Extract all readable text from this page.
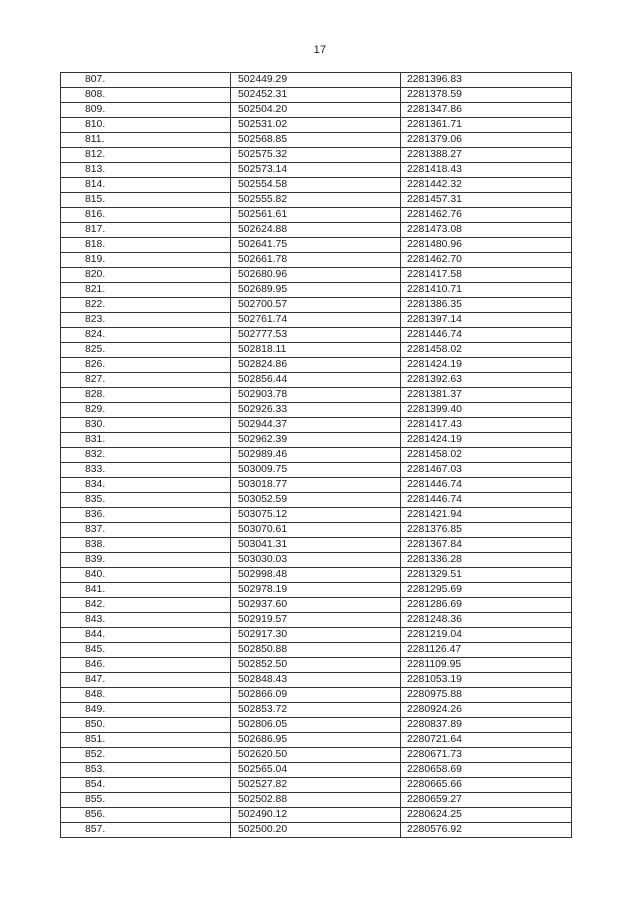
17
807.	502449.29	2281396.83
808.	502452.31	2281378.59
809.	502504.20	2281347.86
810.	502531.02	2281361.71
811.	502568.85	2281379.06
812.	502575.32	2281388.27
813.	502573.14	2281418.43
814.	502554.58	2281442.32
815.	502555.82	2281457.31
816.	502561.61	2281462.76
817.	502624.88	2281473.08
818.	502641.75	2281480.96
819.	502661.78	2281462.70
820.	502680.96	2281417.58
821.	502689.95	2281410.71
822.	502700.57	2281386.35
823.	502761.74	2281397.14
824.	502777.53	2281446.74
825.	502818.11	2281458.02
826.	502824.86	2281424.19
827.	502856.44	2281392.63
828.	502903.78	2281381.37
829.	502926.33	2281399.40
830.	502944.37	2281417.43
831.	502962.39	2281424.19
832.	502989.46	2281458.02
833.	503009.75	2281467.03
834.	503018.77	2281446.74
835.	503052.59	2281446.74
836.	503075.12	2281421.94
837.	503070.61	2281376.85
838.	503041.31	2281367.84
839.	503030.03	2281336.28
840.	502998.48	2281329.51
841.	502978.19	2281295.69
842.	502937.60	2281286.69
843.	502919.57	2281248.36
844.	502917.30	2281219.04
845.	502850.88	2281126.47
846.	502852.50	2281109.95
847.	502848.43	2281053.19
848.	502866.09	2280975.88
849.	502853.72	2280924.26
850.	502806.05	2280837.89
851.	502686.95	2280721.64
852.	502620.50	2280671.73
853.	502565.04	2280658.69
854.	502527.82	2280665.66
855.	502502.88	2280659.27
856.	502490.12	2280624.25
857.	502500.20	2280576.92
